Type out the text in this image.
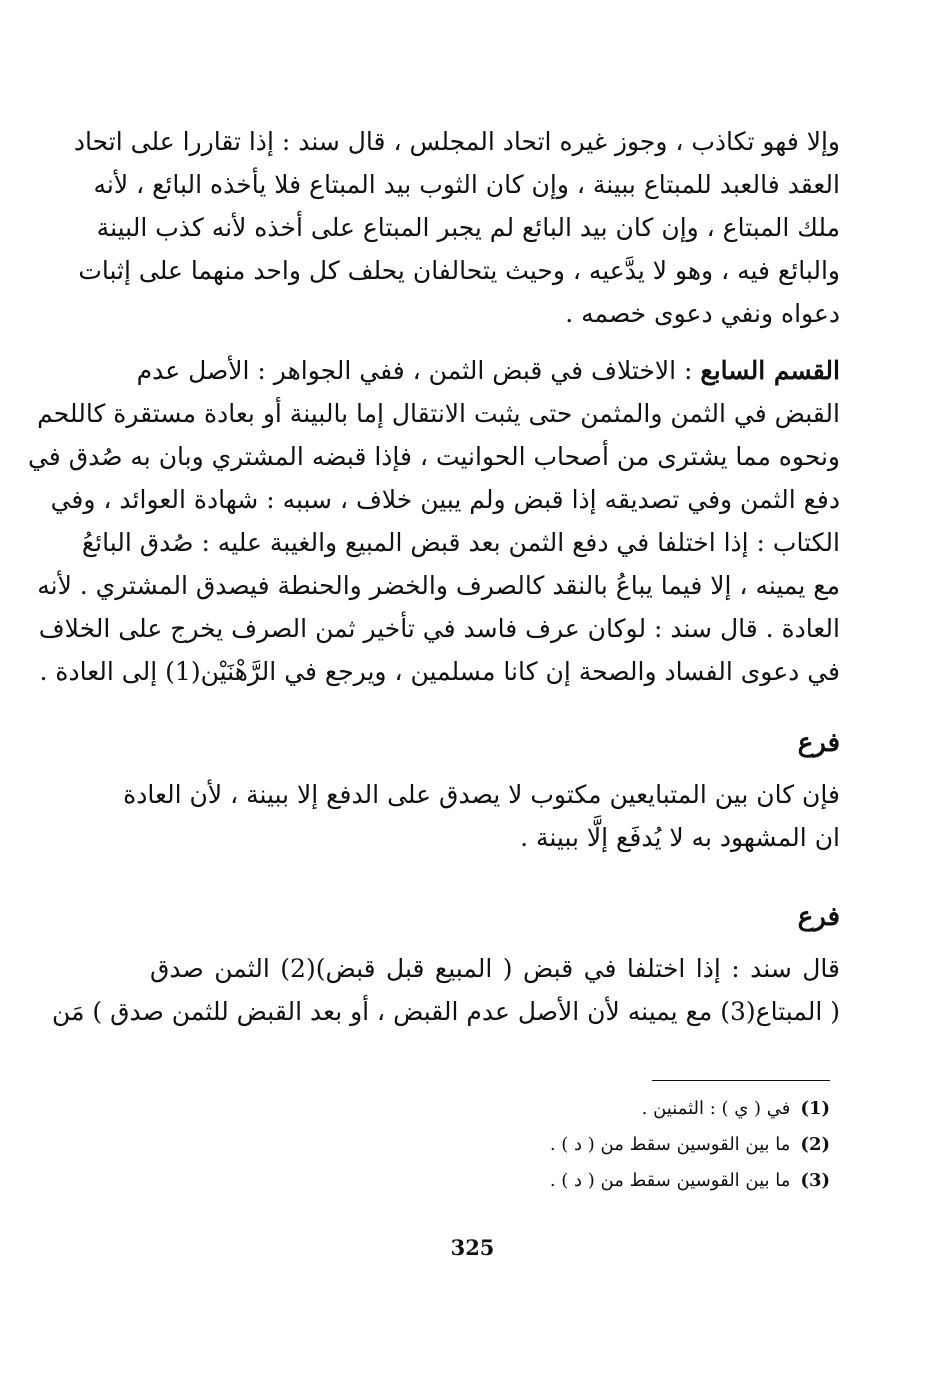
وإلا فهو تكاذب ، وجوز غيره اتحاد المجلس ، قال سند : إذا تقاررا على اتحاد
العقد فالعبد للمبتاع ببينة ، وإن كان الثوب بيد المبتاع فلا يأخذه البائع ، لأنه
ملك المبتاع ، وإن كان بيد البائع لم يجبر المبتاع على أخذه لأنه كذب البينة
والبائع فيه ، وهو لا يدَّعيه ، وحيث يتحالفان يحلف كل واحد منهما على إثبات
دعواه ونفي دعوى خصمه .
القسم السابع : الاختلاف في قبض الثمن ، ففي الجواهر : الأصل عدم
القبض في الثمن والمثمن حتى يثبت الانتقال إما بالبينة أو بعادة مستقرة كاللحم
ونحوه مما يشترى من أصحاب الحوانيت ، فإذا قبضه المشتري وبان به صُدق في
دفع الثمن وفي تصديقه إذا قبض ولم يبين خلاف ، سببه : شهادة العوائد ، وفي
الكتاب : إذا اختلفا في دفع الثمن بعد قبض المبيع والغيبة عليه : صُدق البائعُ
مع يمينه ، إلا فيما يباعُ بالنقد كالصرف والخضر والحنطة فيصدق المشتري . لأنه
العادة . قال سند : لوكان عرف فاسد في تأخير ثمن الصرف يخرج على الخلاف
في دعوى الفساد والصحة إن كانا مسلمين ، ويرجع في الرَّهْنَيْن(1) إلى العادة .
فرع
فإن كان بين المتبايعين مكتوب لا يصدق على الدفع إلا ببينة ، لأن العادة
ان المشهود به لا يُدفَع إلَّا ببينة .
فرع
قال سند : إذا اختلفا في قبض ( المبيع قبل قبض)(2) الثمن صدق
( المبتاع(3) مع يمينه لأن الأصل عدم القبض ، أو بعد القبض للثمن صدق ) مَن
(1)في ( ي ) : الثمنين .
(2)ما بين القوسين سقط من ( د ) .
(3)ما بين القوسين سقط من ( د ) .
325
